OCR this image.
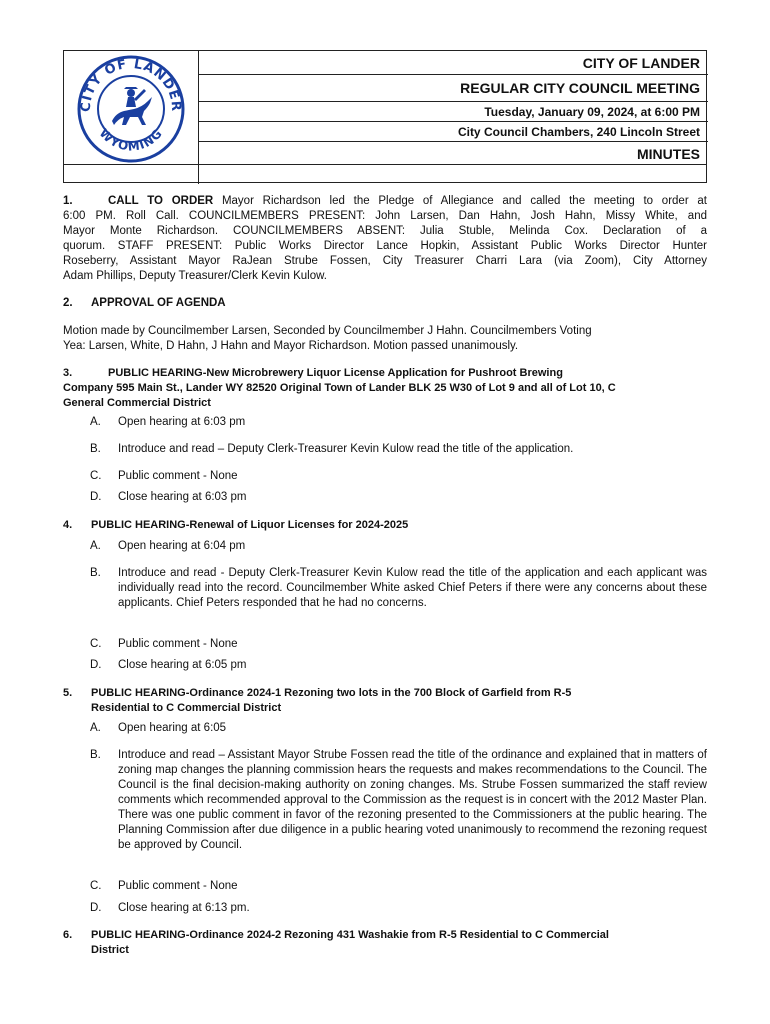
CITY OF LANDER
WYOMING
CITY OF LANDER
REGULAR CITY COUNCIL MEETING
Tuesday, January 09, 2024, at 6:00 PM
City Council Chambers, 240 Lincoln Street
MINUTES
1.	CALL TO ORDER Mayor Richardson led the Pledge of Allegiance and called the meeting to order at
6:00 PM. Roll Call. COUNCILMEMBERS PRESENT: John Larsen, Dan Hahn, Josh Hahn, Missy White, and
Mayor Monte Richardson. COUNCILMEMBERS ABSENT: Julia Stuble, Melinda Cox. Declaration of a
quorum. STAFF PRESENT: Public Works Director Lance Hopkin, Assistant Public Works Director Hunter
Roseberry, Assistant Mayor RaJean Strube Fossen, City Treasurer Charri Lara (via Zoom), City Attorney
Adam Phillips, Deputy Treasurer/Clerk Kevin Kulow.
2. APPROVAL OF AGENDA
Motion made by Councilmember Larsen, Seconded by Councilmember J Hahn. Councilmembers Voting
Yea: Larsen, White, D Hahn, J Hahn and Mayor Richardson. Motion passed unanimously.
3.	PUBLIC HEARING-New Microbrewery Liquor License Application for Pushroot Brewing
Company 595 Main St., Lander WY 82520 Original Town of Lander BLK 25 W30 of Lot 9 and all of Lot 10, C
General Commercial District
A.	Open hearing at 6:03 pm
B.	Introduce and read – Deputy Clerk-Treasurer Kevin Kulow read the title of the application.
C.	Public comment - None
D.	Close hearing at 6:03 pm
4. PUBLIC HEARING-Renewal of Liquor Licenses for 2024-2025
A.	Open hearing at 6:04 pm
B.	Introduce and read - Deputy Clerk-Treasurer Kevin Kulow read the title of the application and each applicant was individually read into the record. Councilmember White asked Chief Peters if there were any concerns about these applicants. Chief Peters responded that he had no concerns.
C.	Public comment - None
D.	Close hearing at 6:05 pm
5. PUBLIC HEARING-Ordinance 2024-1 Rezoning two lots in the 700 Block of Garfield from R-5
Residential to C Commercial District
A.	Open hearing at 6:05
B.	Introduce and read – Assistant Mayor Strube Fossen read the title of the ordinance and explained that in matters of zoning map changes the planning commission hears the requests and makes recommendations to the Council. The Council is the final decision-making authority on zoning changes. Ms. Strube Fossen summarized the staff review comments which recommended approval to the Commission as the request is in concert with the 2012 Master Plan. There was one public comment in favor of the rezoning presented to the Commissioners at the public hearing. The Planning Commission after due diligence in a public hearing voted unanimously to recommend the rezoning request be approved by Council.
C.	Public comment - None
D.	Close hearing at 6:13 pm.
6. PUBLIC HEARING-Ordinance 2024-2 Rezoning 431 Washakie from R-5 Residential to C Commercial
District
